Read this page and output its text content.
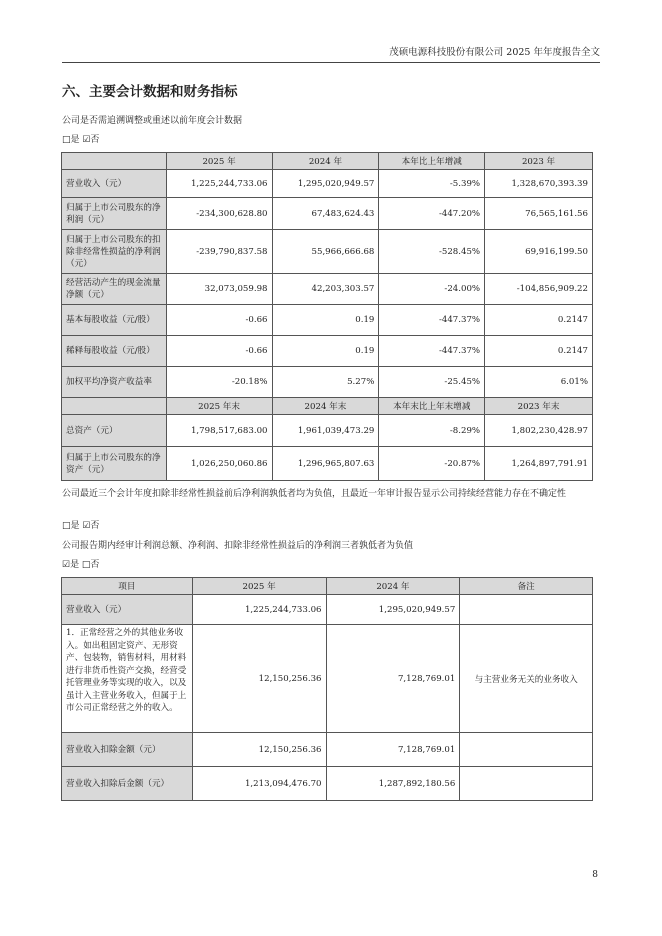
茂硕电源科技股份有限公司 2025 年年度报告全文
六、主要会计数据和财务指标
公司是否需追溯调整或重述以前年度会计数据
□是 ☑否
	2025 年	2024 年	本年比上年增减	2023 年
营业收入（元）	1,225,244,733.06	1,295,020,949.57	-5.39%	1,328,670,393.39
归属于上市公司股东的净利润（元）	-234,300,628.80	67,483,624.43	-447.20%	76,565,161.56
归属于上市公司股东的扣除非经常性损益的净利润（元）	-239,790,837.58	55,966,666.68	-528.45%	69,916,199.50
经营活动产生的现金流量净额（元）	32,073,059.98	42,203,303.57	-24.00%	-104,856,909.22
基本每股收益（元/股）	-0.66	0.19	-447.37%	0.2147
稀释每股收益（元/股）	-0.66	0.19	-447.37%	0.2147
加权平均净资产收益率	-20.18%	5.27%	-25.45%	6.01%
	2025 年末	2024 年末	本年末比上年末增减	2023 年末
总资产（元）	1,798,517,683.00	1,961,039,473.29	-8.29%	1,802,230,428.97
归属于上市公司股东的净资产（元）	1,026,250,060.86	1,296,965,807.63	-20.87%	1,264,897,791.91
公司最近三个会计年度扣除非经常性损益前后净利润孰低者均为负值，且最近一年审计报告显示公司持续经营能力存在不确定性
□是 ☑否
公司报告期内经审计利润总额、净利润、扣除非经常性损益后的净利润三者孰低者为负值
☑是 □否
项目	2025 年	2024 年	备注
营业收入（元）	1,225,244,733.06	1,295,020,949.57	
1．正常经营之外的其他业务收入。如出租固定资产、无形资产、包装物，销售材料，用材料进行非货币性资产交换，经营受托管理业务等实现的收入，以及虽计入主营业务收入，但属于上市公司正常经营之外的收入。	12,150,256.36	7,128,769.01	与主营业务无关的业务收入
营业收入扣除金额（元）	12,150,256.36	7,128,769.01	
营业收入扣除后金额（元）	1,213,094,476.70	1,287,892,180.56	
8
